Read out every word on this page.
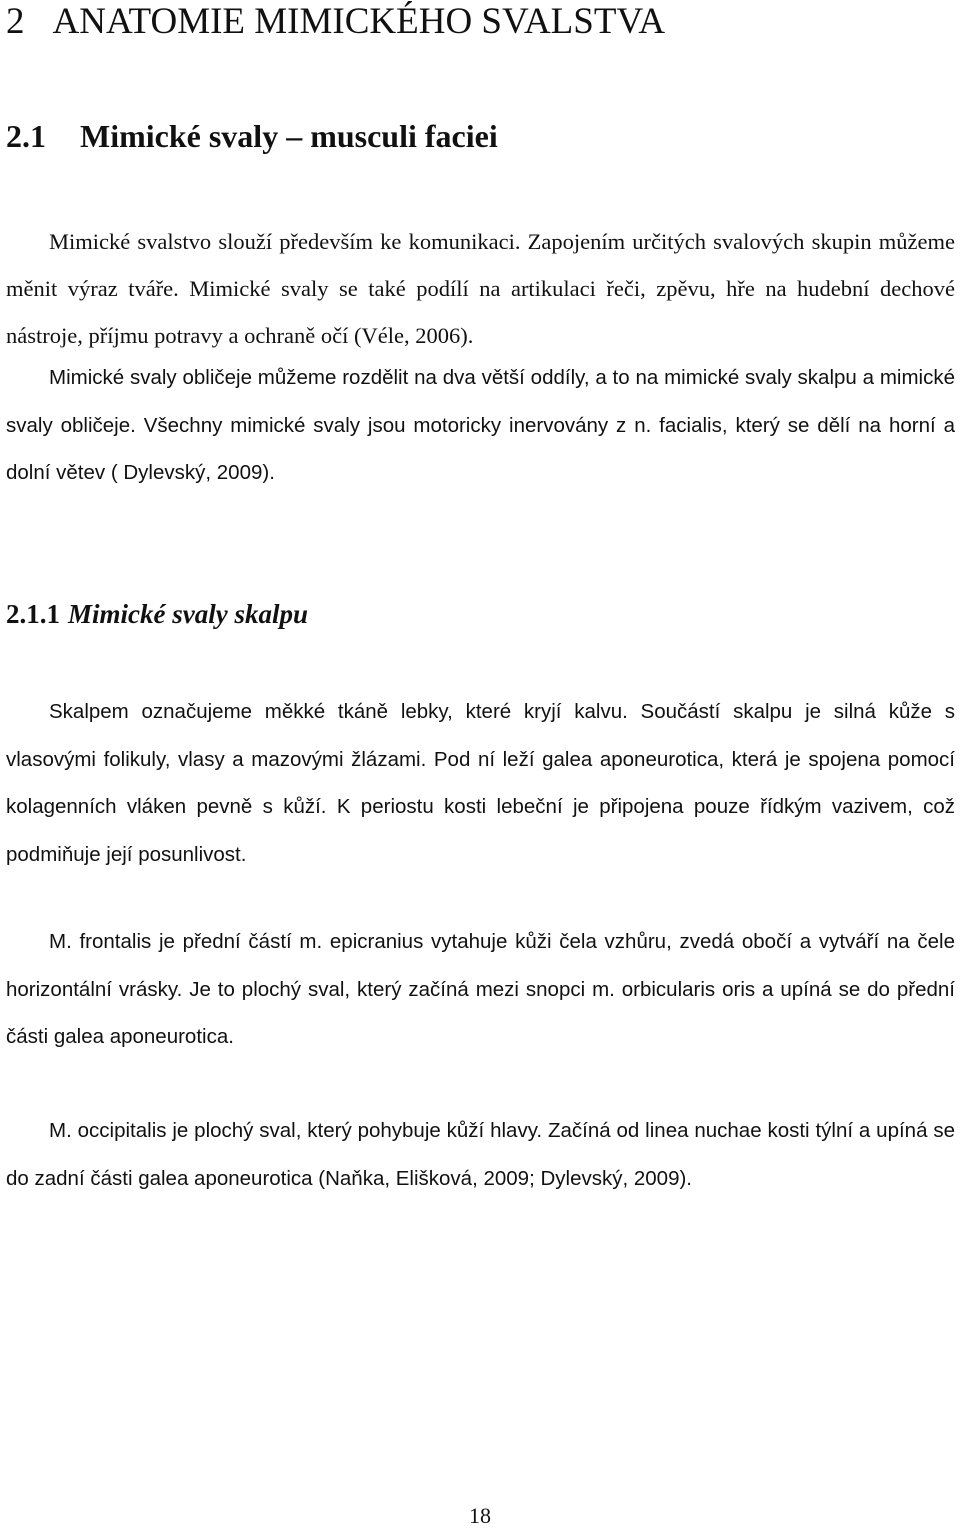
2 ANATOMIE MIMICKÉHO SVALSTVA
2.1 Mimické svaly – musculi faciei

Mimické svalstvo slouží především ke komunikaci. Zapojením určitých svalových skupin můžeme měnit výraz tváře. Mimické svaly se také podílí na artikulaci řeči, zpěvu, hře na hudební dechové nástroje, příjmu potravy a ochraně očí (Véle, 2006).

Mimické svaly obličeje můžeme rozdělit na dva větší oddíly, a to na mimické svaly skalpu a mimické svaly obličeje. Všechny mimické svaly jsou motoricky inervovány z n. facialis, který se dělí na horní a dolní větev ( Dylevský, 2009).

2.1.1 Mimické svaly skalpu

Skalpem označujeme měkké tkáně lebky, které kryjí kalvu. Součástí skalpu je silná kůže s vlasovými folikuly, vlasy a mazovými žlázami. Pod ní leží galea aponeurotica, která je spojena pomocí kolagenních vláken pevně s kůží. K periostu kosti lebeční je připojena pouze řídkým vazivem, což podmiňuje její posunlivost.

M. frontalis je přední částí m. epicranius vytahuje kůži čela vzhůru, zvedá obočí a vytváří na čele horizontální vrásky. Je to plochý sval, který začíná mezi snopci m. orbicularis oris a upíná se do přední části galea aponeurotica.

M. occipitalis je plochý sval, který pohybuje kůží hlavy. Začíná od linea nuchae kosti týlní a upíná se do zadní části galea aponeurotica (Naňka, Elišková, 2009; Dylevský, 2009).

18
